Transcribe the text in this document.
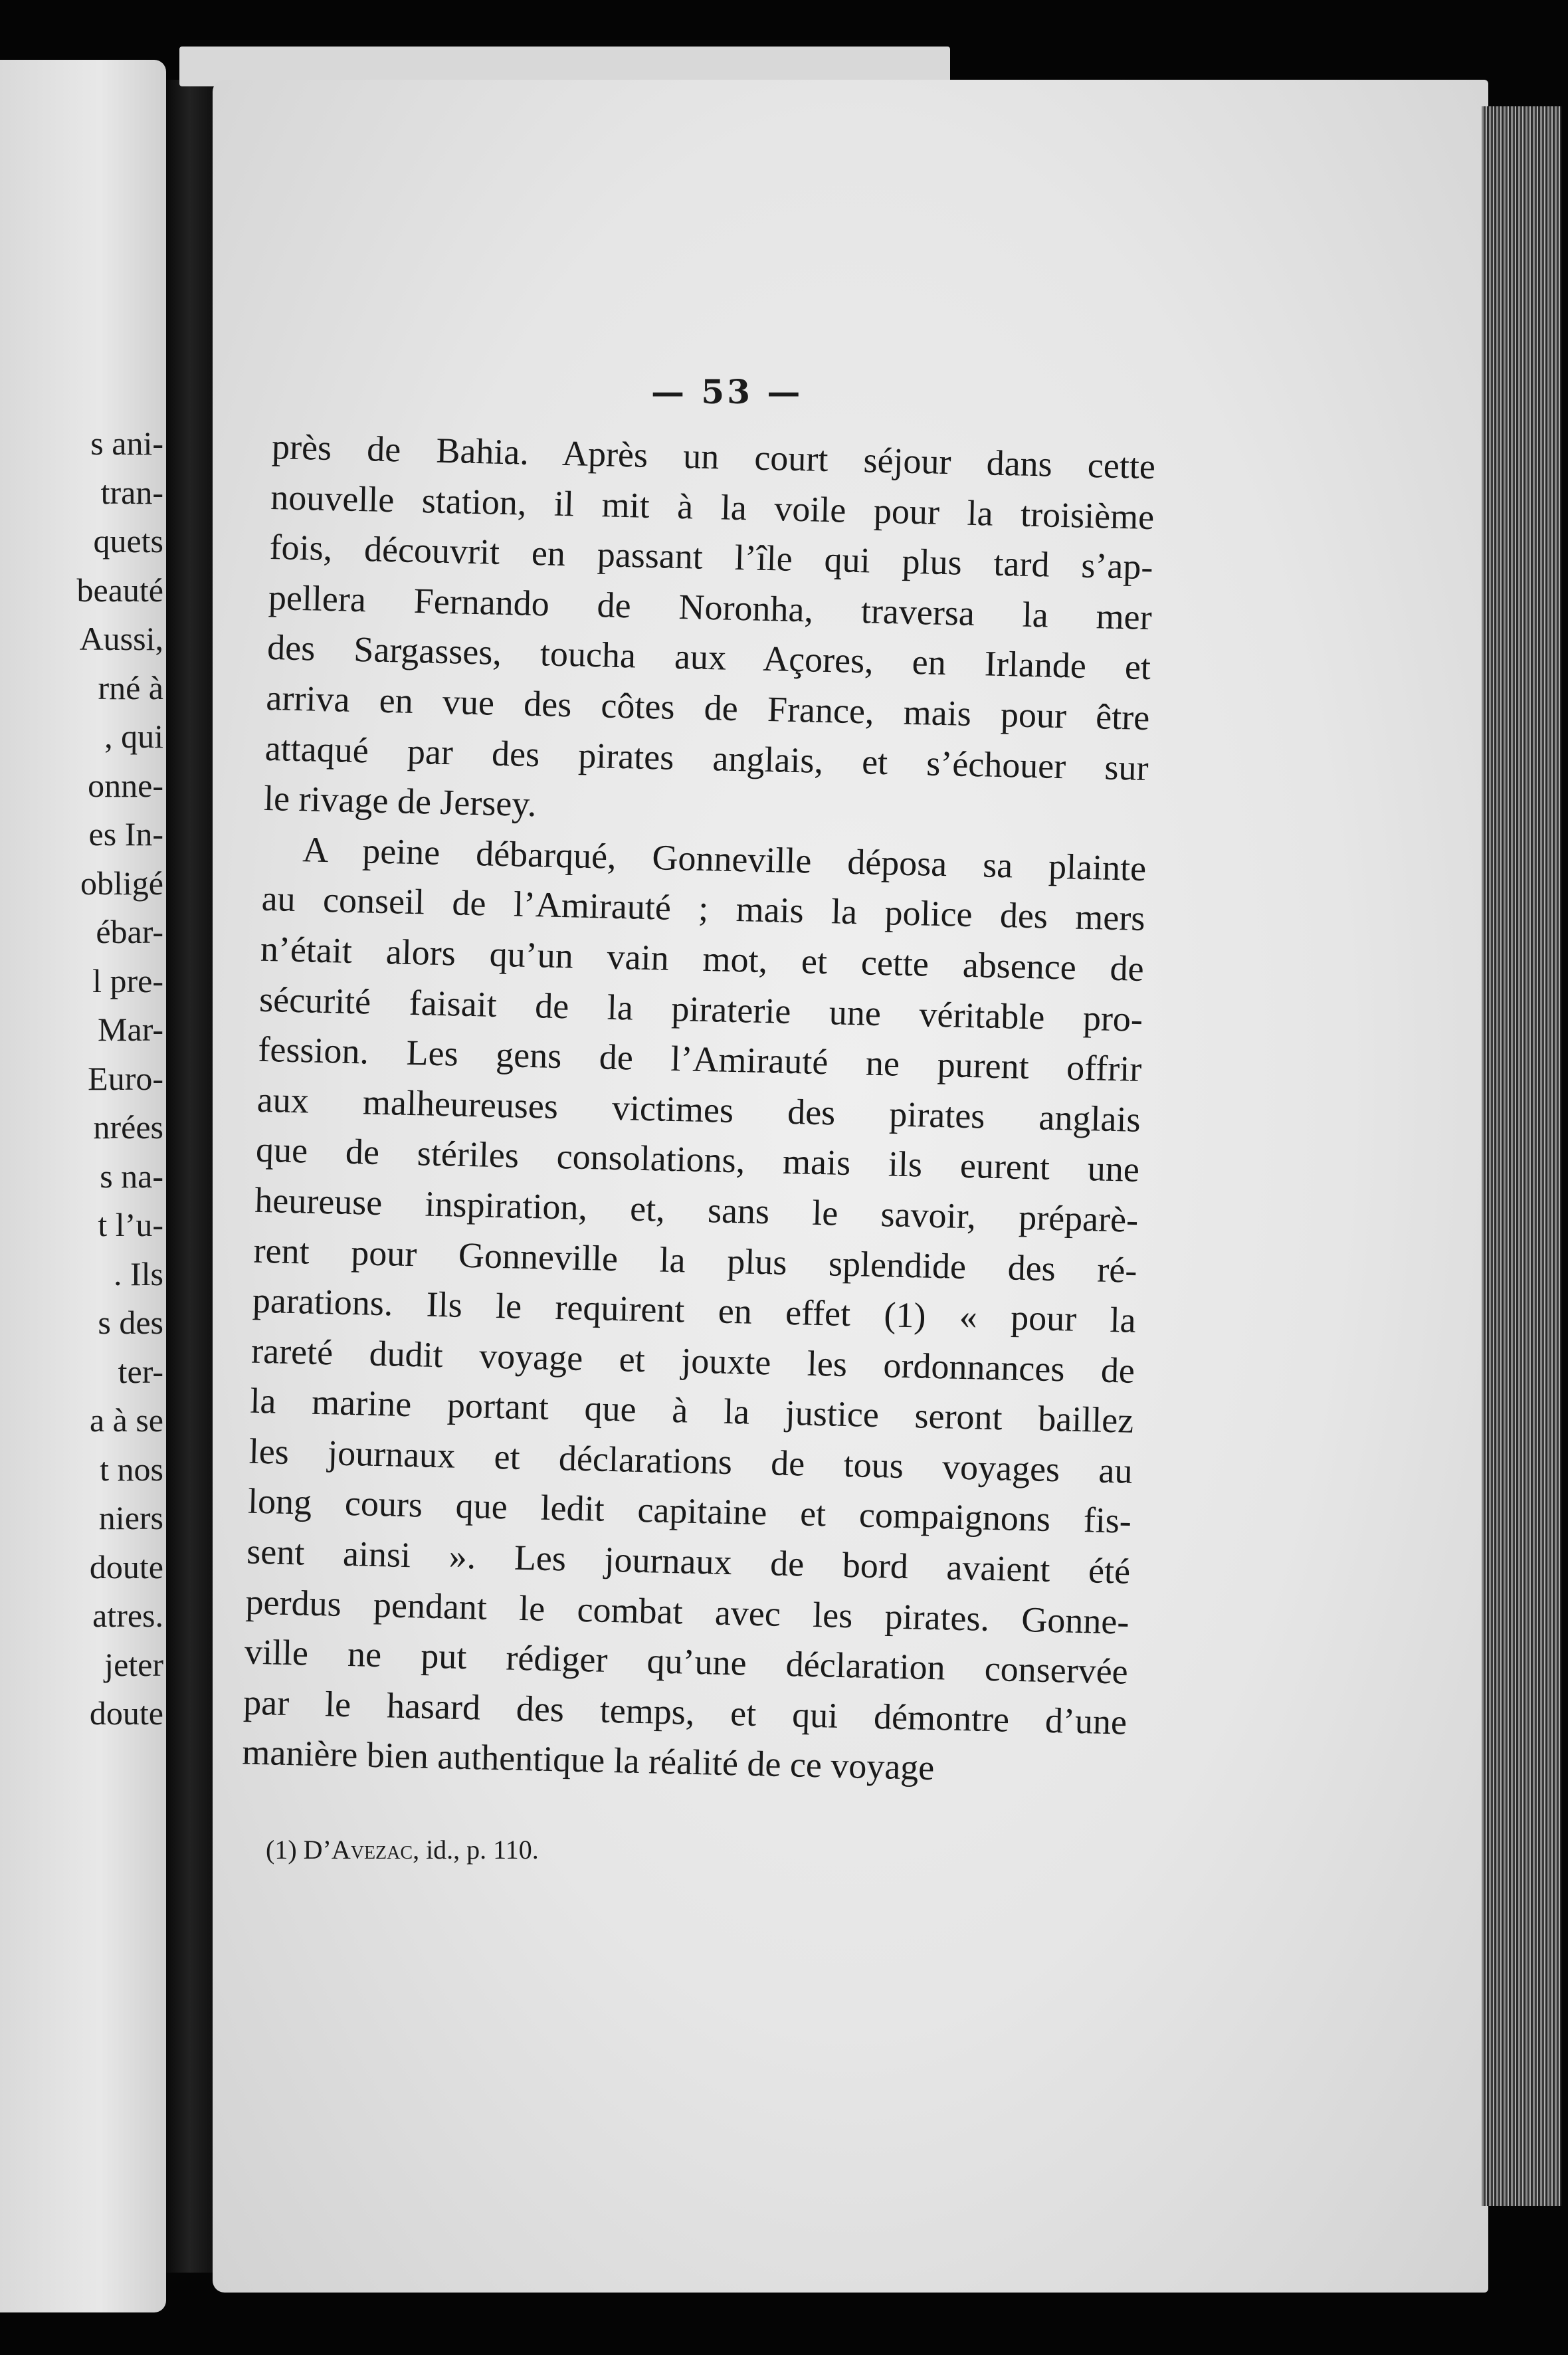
s ani-
tran-
quets
beauté
Aussi,
rné à
, qui
onne-
es In-
obligé
ébar-
l pre-
Mar-
Euro-
nrées
s na-
t l’u-
. Ils
s des
ter-
a à se
t nos
niers
doute
atres.
jeter
doute
— 53 —
près de Bahia. Après un court séjour dans cette
nouvelle station, il mit à la voile pour la troisième
fois, découvrit en passant l’île qui plus tard s’ap-
pellera Fernando de Noronha, traversa la mer
des Sargasses, toucha aux Açores, en Irlande et
arriva en vue des côtes de France, mais pour être
attaqué par des pirates anglais, et s’échouer sur
le rivage de Jersey.
A peine débarqué, Gonneville déposa sa plainte
au conseil de l’Amirauté ; mais la police des mers
n’était alors qu’un vain mot, et cette absence de
sécurité faisait de la piraterie une véritable pro-
fession. Les gens de l’Amirauté ne purent offrir
aux malheureuses victimes des pirates anglais
que de stériles consolations, mais ils eurent une
heureuse inspiration, et, sans le savoir, préparè-
rent pour Gonneville la plus splendide des ré-
parations. Ils le requirent en effet (1) « pour la
rareté dudit voyage et jouxte les ordonnances de
la marine portant que à la justice seront baillez
les journaux et déclarations de tous voyages au
long cours que ledit capitaine et compaignons fis-
sent ainsi ». Les journaux de bord avaient été
perdus pendant le combat avec les pirates. Gonne-
ville ne put rédiger qu’une déclaration conservée
par le hasard des temps, et qui démontre d’une
manière bien authentique la réalité de ce voyage
(1) D’Avezac, id., p. 110.
